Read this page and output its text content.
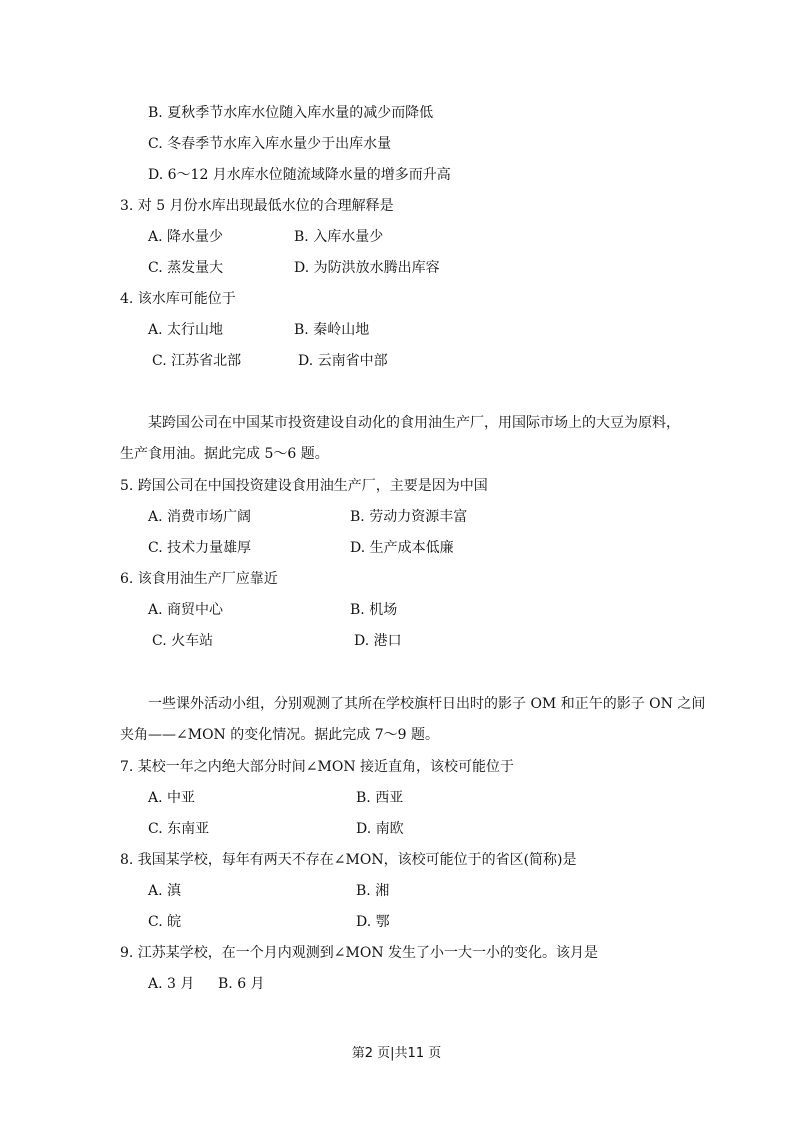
B. 夏秋季节水库水位随入库水量的减少而降低
C. 冬春季节水库入库水量少于出库水量
D. 6～12 月水库水位随流域降水量的增多而升高
3. 对 5 月份水库出现最低水位的合理解释是
A. 降水量少	B. 入库水量少
C. 蒸发量大	D. 为防洪放水腾出库容
4. 该水库可能位于
A. 太行山地	B. 秦岭山地
C. 江苏省北部	D. 云南省中部
某跨国公司在中国某市投资建设自动化的食用油生产厂，用国际市场上的大豆为原料，
生产食用油。据此完成 5～6 题。
5. 跨国公司在中国投资建设食用油生产厂，主要是因为中国
A. 消费市场广阔	B. 劳动力资源丰富
C. 技术力量雄厚	D. 生产成本低廉
6. 该食用油生产厂应靠近
A. 商贸中心	B. 机场
C. 火车站	D. 港口
一些课外活动小组，分别观测了其所在学校旗杆日出时的影子 OM 和正午的影子 ON 之间
夹角——∠MON 的变化情况。据此完成 7～9 题。
7. 某校一年之内绝大部分时间∠MON 接近直角，该校可能位于
A. 中亚	B. 西亚
C. 东南亚	D. 南欧
8. 我国某学校，每年有两天不存在∠MON，该校可能位于的省区(简称)是
A. 滇	B. 湘
C. 皖	D. 鄂
9. 江苏某学校，在一个月内观测到∠MON 发生了小一大一小的变化。该月是
A. 3 月 B. 6 月
第2 页|共11 页
